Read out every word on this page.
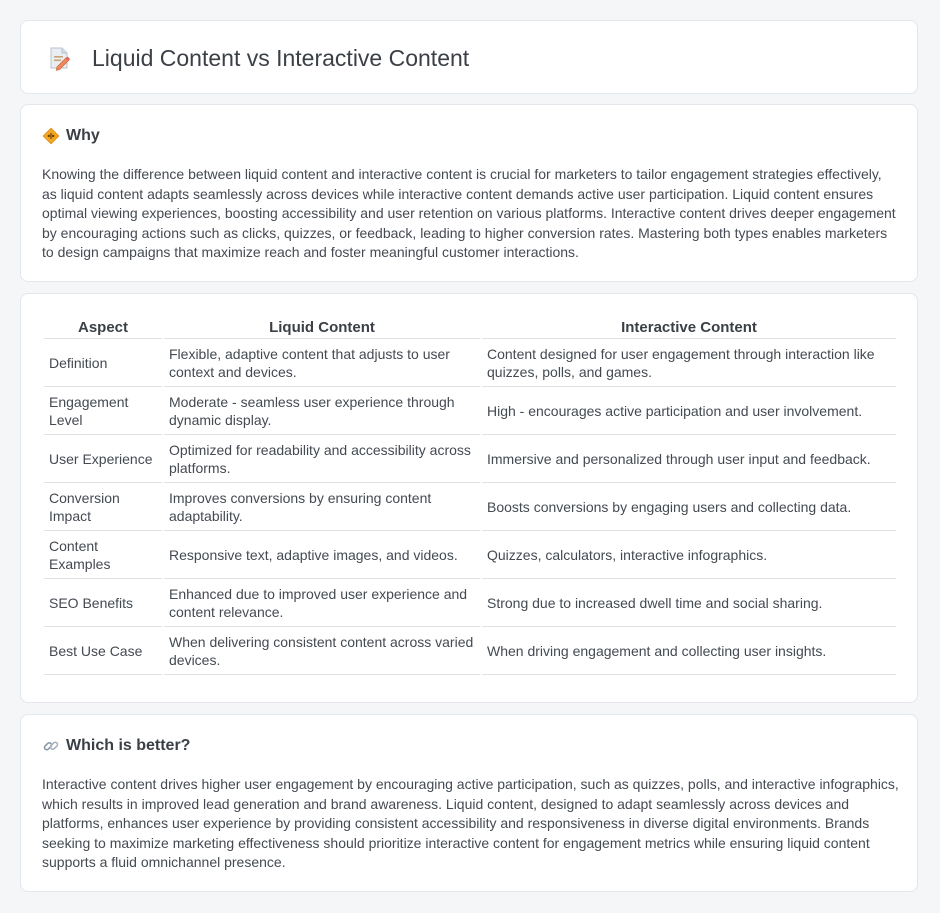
Liquid Content vs Interactive Content
Why

Knowing the difference between liquid content and interactive content is crucial for marketers to tailor engagement strategies effectively, as liquid content adapts seamlessly across devices while interactive content demands active user participation. Liquid content ensures optimal viewing experiences, boosting accessibility and user retention on various platforms. Interactive content drives deeper engagement by encouraging actions such as clicks, quizzes, or feedback, leading to higher conversion rates. Mastering both types enables marketers to design campaigns that maximize reach and foster meaningful customer interactions.

Aspect	Liquid Content	Interactive Content
Definition	Flexible, adaptive content that adjusts to user context and devices.	Content designed for user engagement through interaction like quizzes, polls, and games.
Engagement Level	Moderate - seamless user experience through dynamic display.	High - encourages active participation and user involvement.
User Experience	Optimized for readability and accessibility across platforms.	Immersive and personalized through user input and feedback.
Conversion Impact	Improves conversions by ensuring content adaptability.	Boosts conversions by engaging users and collecting data.
Content Examples	Responsive text, adaptive images, and videos.	Quizzes, calculators, interactive infographics.
SEO Benefits	Enhanced due to improved user experience and content relevance.	Strong due to increased dwell time and social sharing.
Best Use Case	When delivering consistent content across varied devices.	When driving engagement and collecting user insights.
Which is better?

Interactive content drives higher user engagement by encouraging active participation, such as quizzes, polls, and interactive infographics, which results in improved lead generation and brand awareness. Liquid content, designed to adapt seamlessly across devices and platforms, enhances user experience by providing consistent accessibility and responsiveness in diverse digital environments. Brands seeking to maximize marketing effectiveness should prioritize interactive content for engagement metrics while ensuring liquid content supports a fluid omnichannel presence.
